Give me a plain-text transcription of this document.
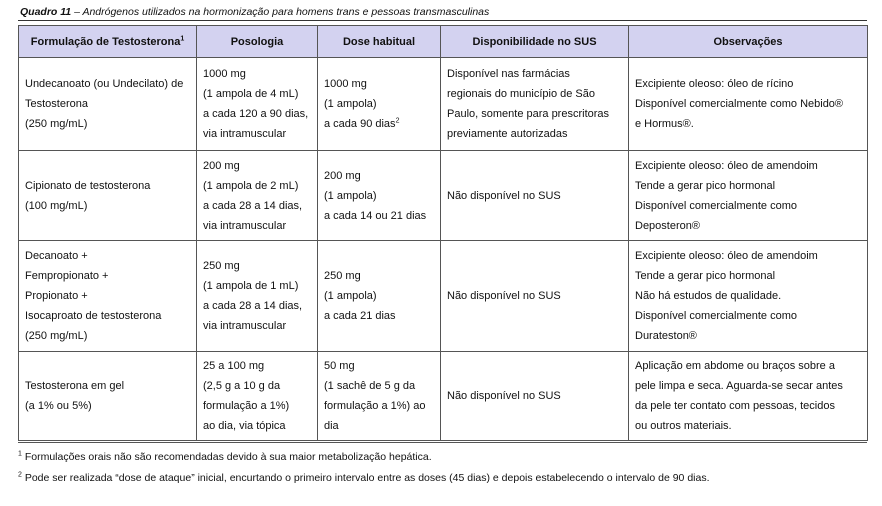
Quadro 11 – Andrógenos utilizados na hormonização para homens trans e pessoas transmasculinas
Formulação de Testosterona$^1$	Posologia	Dose habitual	Disponibilidade no SUS	Observações

Undecanoato (ou Undecilato) de
Testosterona
(250 mg/mL)	1000 mg
(1 ampola de 4 mL)
a cada 120 a 90 dias,
via intramuscular	1000 mg
(1 ampola)
a cada 90 dias$^2$	Disponível nas farmácias
regionais do município de São
Paulo, somente para prescritoras
previamente autorizadas	Excipiente oleoso: óleo de rícino
Disponível comercialmente como Nebido®
e Hormus®.

Cipionato de testosterona
(100 mg/mL)	200 mg
(1 ampola de 2 mL)
a cada 28 a 14 dias,
via intramuscular	200 mg
(1 ampola)
a cada 14 ou 21 dias	Não disponível no SUS	Excipiente oleoso: óleo de amendoim
Tende a gerar pico hormonal
Disponível comercialmente como
Deposteron®

Decanoato +
Fempropionato +
Propionato +
Isocaproato de testosterona
(250 mg/mL)	250 mg
(1 ampola de 1 mL)
a cada 28 a 14 dias,
via intramuscular	250 mg
(1 ampola)
a cada 21 dias	Não disponível no SUS	Excipiente oleoso: óleo de amendoim
Tende a gerar pico hormonal
Não há estudos de qualidade.
Disponível comercialmente como
Durateston®

Testosterona em gel
(a 1% ou 5%)	25 a 100 mg
(2,5 g a 10 g da
formulação a 1%)
ao dia, via tópica	50 mg
(1 sachê de 5 g da
formulação a 1%) ao
dia	Não disponível no SUS	Aplicação em abdome ou braços sobre a
pele limpa e seca. Aguarda-se secar antes
da pele ter contato com pessoas, tecidos
ou outros materiais.
$^1$ Formulações orais não são recomendadas devido à sua maior metabolização hepática.
$^2$ Pode ser realizada “dose de ataque” inicial, encurtando o primeiro intervalo entre as doses (45 dias) e depois estabelecendo o intervalo de 90 dias.
